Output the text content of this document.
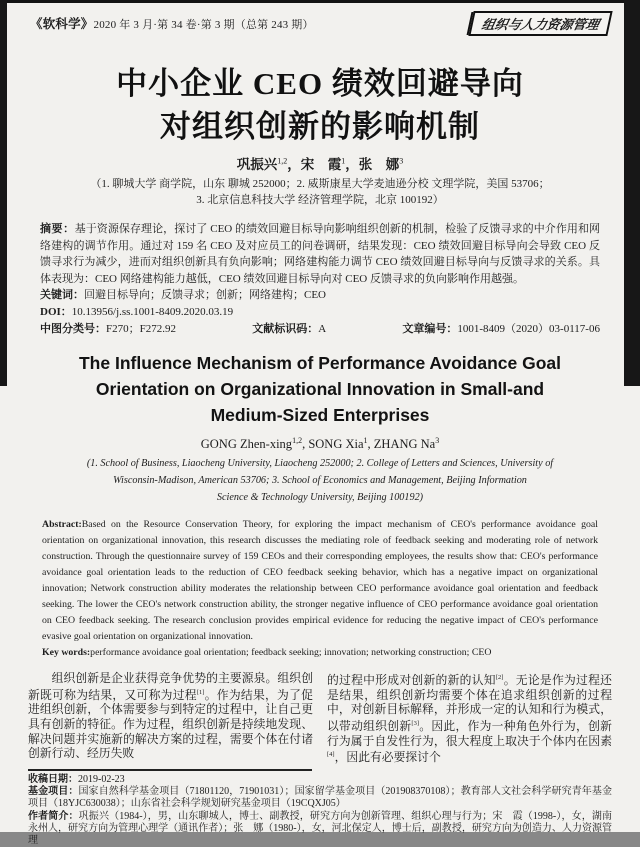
《软科学》2020 年 3 月·第 34 卷·第 3 期（总第 243 期）	组织与人力资源管理
中小企业 CEO 绩效回避导向
对组织创新的影响机制
巩振兴$^{1,2}$，宋　霞$^1$，张　娜$^3$
（1. 聊城大学 商学院，山东 聊城 252000；2. 威斯康星大学麦迪逊分校 文理学院，美国 53706；
3. 北京信息科技大学 经济管理学院，北京 100192）

摘要：基于资源保存理论，探讨了 CEO 的绩效回避目标导向影响组织创新的机制，检验了反馈寻求的中介作用和网络建构的调节作用。通过对 159 名 CEO 及对应员工的问卷调研，结果发现：CEO 绩效回避目标导向会导致 CEO 反馈寻求行为减少，进而对组织创新具有负向影响；网络建构能力调节 CEO 绩效回避目标导向与反馈寻求的关系。具体表现为：CEO 网络建构能力越低，CEO 绩效回避目标导向对 CEO 反馈寻求的负向影响作用越强。

关键词：回避目标导向；反馈寻求；创新；网络建构；CEO
DOI：10.13956/j.ss.1001-8409.2020.03.19
中图分类号：F270；F272.92	文献标识码：A	文章编号：1001-8409（2020）03-0117-06
The Influence Mechanism of Performance Avoidance Goal
Orientation on Organizational Innovation in Small-and
Medium-Sized Enterprises
GONG Zhen-xing$^{1,2}$, SONG Xia$^1$, ZHANG Na$^3$
(1. School of Business, Liaocheng University, Liaocheng 252000; 2. College of Letters and Sciences, University of
Wisconsin-Madison, American 53706; 3. School of Economics and Management, Beijing Information
Science & Technology University, Beijing 100192)
Abstract:Based on the Resource Conservation Theory, for exploring the impact mechanism of CEO's performance avoidance goal orientation on organizational innovation, this research discusses the mediating role of feedback seeking and moderating role of network construction. Through the questionnaire survey of 159 CEOs and their corresponding employees, the results show that: CEO's performance avoidance goal orientation leads to the reduction of CEO feedback seeking behavior, which has a negative impact on organizational innovation; Network construction ability moderates the relationship between CEO performance avoidance goal orientation and feedback seeking. The lower the CEO's network construction ability, the stronger negative influence of CEO performance avoidance goal orientation on CEO feedback seeking. The research conclusion provides empirical evidence for reducing the negative impact of CEO's performance evasive goal orientation on organizational innovation.
Key words:performance avoidance goal orientation; feedback seeking; innovation; networking construction; CEO

组织创新是企业获得竞争优势的主要源泉。组织创新既可称为结果，又可称为过程[1]。作为结果，为了促进组织创新，个体需要参与到特定的过程中，让自己更具有创新的特征。作为过程，组织创新是持续地发现、解决问题并实施新的解决方案的过程，需要个体在付诸创新行动、经历失败

的过程中形成对创新的新的认知[2]。无论是作为过程还是结果，组织创新均需要个体在追求组织创新的过程中，对创新目标解释，并形成一定的认知和行为模式，以带动组织创新[3]。因此，作为一种角色外行为，创新行为属于自发性行为，很大程度上取决于个体内在因素[4]，因此有必要探讨个

收稿日期：2019-02-23

基金项目：国家自然科学基金项目（71801120，71901031）；国家留学基金项目（201908370108）；教育部人文社会科学研究青年基金项目（18YJC630038）；山东省社会科学规划研究基金项目（19CQXJ05）

作者简介：巩振兴（1984-），男，山东聊城人，博士、副教授，研究方向为创新管理、组织心理与行为；宋　霞（1998-），女，湖南永州人，研究方向为管理心理学（通讯作者）；张　娜（1980-），女，河北保定人，博士后，副教授，研究方向为创造力、人力资源管理
